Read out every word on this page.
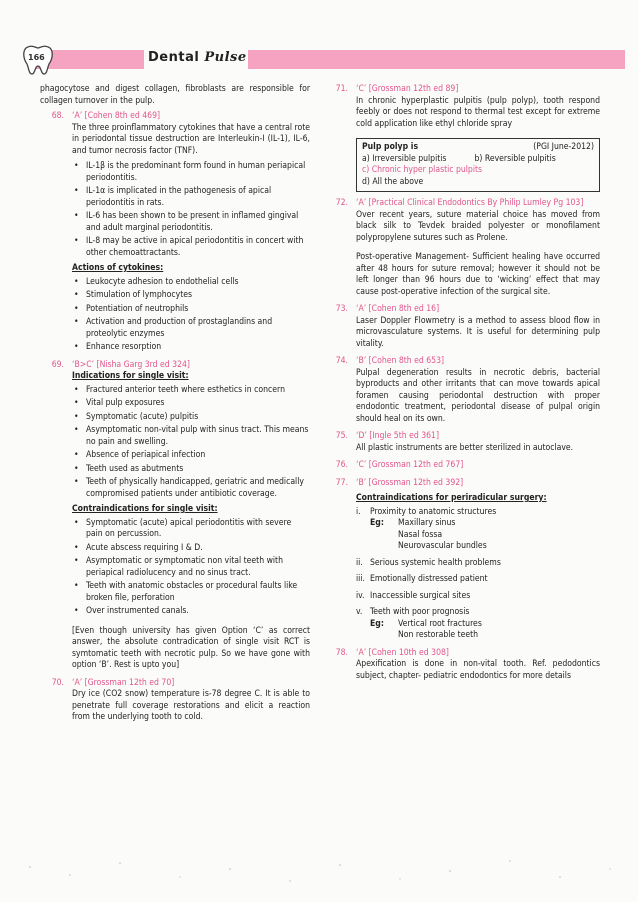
166	Dental Pulse

phagocytose and digest collagen, fibroblasts are responsible for collagen turnover in the pulp.

68. ‘A’ [Cohen 8th ed 469]

The three proinflammatory cytokines that have a central rote in periodontal tissue destruction are Interleukin-I (IL-1), IL-6, and tumor necrosis factor (TNF).

• IL-1β is the predominant form found in human periapical periodontitis.
• IL-1α is implicated in the pathogenesis of apical periodontitis in rats.
• IL-6 has been shown to be present in inflamed gingival and adult marginal periodontitis.
• IL-8 may be active in apical periodontitis in concert with other chemoattractants.
Actions of cytokines:
• Leukocyte adhesion to endothelial cells
• Stimulation of lymphocytes
• Potentiation of neutrophils
• Activation and production of prostaglandins and proteolytic enzymes
• Enhance resorption
69. ‘B>C’ [Nisha Garg 3rd ed 324]
Indications for single visit:
• Fractured anterior teeth where esthetics in concern
• Vital pulp exposures
• Symptomatic (acute) pulpitis
• Asymptomatic non-vital pulp with sinus tract. This means no pain and swelling.
• Absence of periapical infection
• Teeth used as abutments
• Teeth of physically handicapped, geriatric and medically compromised patients under antibiotic coverage.
Contraindications for single visit:
• Symptomatic (acute) apical periodontitis with severe pain on percussion.
• Acute abscess requiring I & D.
• Asymptomatic or symptomatic non vital teeth with periapical radiolucency and no sinus tract.
• Teeth with anatomic obstacles or procedural faults like broken file, perforation
• Over instrumented canals.

[Even though university has given Option ‘C’ as correct answer, the absolute contradication of single visit RCT is symtomatic teeth with necrotic pulp. So we have gone with option ‘B’. Rest is upto you]

70. ‘A’ [Grossman 12th ed 70]

Dry ice (CO2 snow) temperature is-78 degree C. It is able to penetrate full coverage restorations and elicit a reaction from the underlying tooth to cold.

71. ‘C’ [Grossman 12th ed 89]

In chronic hyperplastic pulpitis (pulp polyp), tooth respond feebly or does not respond to thermal test except for extreme cold application like ethyl chloride spray

Pulp polyp is	(PGI June-2012)
a) Irreversible pulpitis	b) Reversible pulpitis
c) Chronic hyper plastic pulpits
d) All the above
72. ‘A’ [Practical Clinical Endodontics By Philip Lumley Pg 103]

Over recent years, suture material choice has moved from black silk to Tevdek braided polyester or monofilament polypropylene sutures such as Prolene.

Post-operative Management- Sufficient healing have occurred after 48 hours for suture removal; however it should not be left longer than 96 hours due to ‘wicking’ effect that may cause post-operative infection of the surgical site.

73. ‘A’ [Cohen 8th ed 16]

Laser Doppler Flowmetry is a method to assess blood flow in microvasculature systems. It is useful for determining pulp vitality.

74. ‘B’ [Cohen 8th ed 653]

Pulpal degeneration results in necrotic debris, bacterial byproducts and other irritants that can move towards apical foramen causing periodontal destruction with proper endodontic treatment, periodontal disease of pulpal origin should heal on its own.

75. ‘D’ [Ingle 5th ed 361]

All plastic instruments are better sterilized in autoclave.

76. ‘C’ [Grossman 12th ed 767]
77. ‘B’ [Grossman 12th ed 392]
Contraindications for periradicular surgery:
i. Proximity to anatomic structures
Eg:	Maxillary sinus
Nasal fossa
Neurovascular bundles
ii. Serious systemic health problems
iii. Emotionally distressed patient
iv. Inaccessible surgical sites
v. Teeth with poor prognosis
Eg:	Vertical root fractures
Non restorable teeth
78. ‘A’ [Cohen 10th ed 308]

Apexification is done in non-vital tooth. Ref. pedodontics subject, chapter- pediatric endodontics for more details
